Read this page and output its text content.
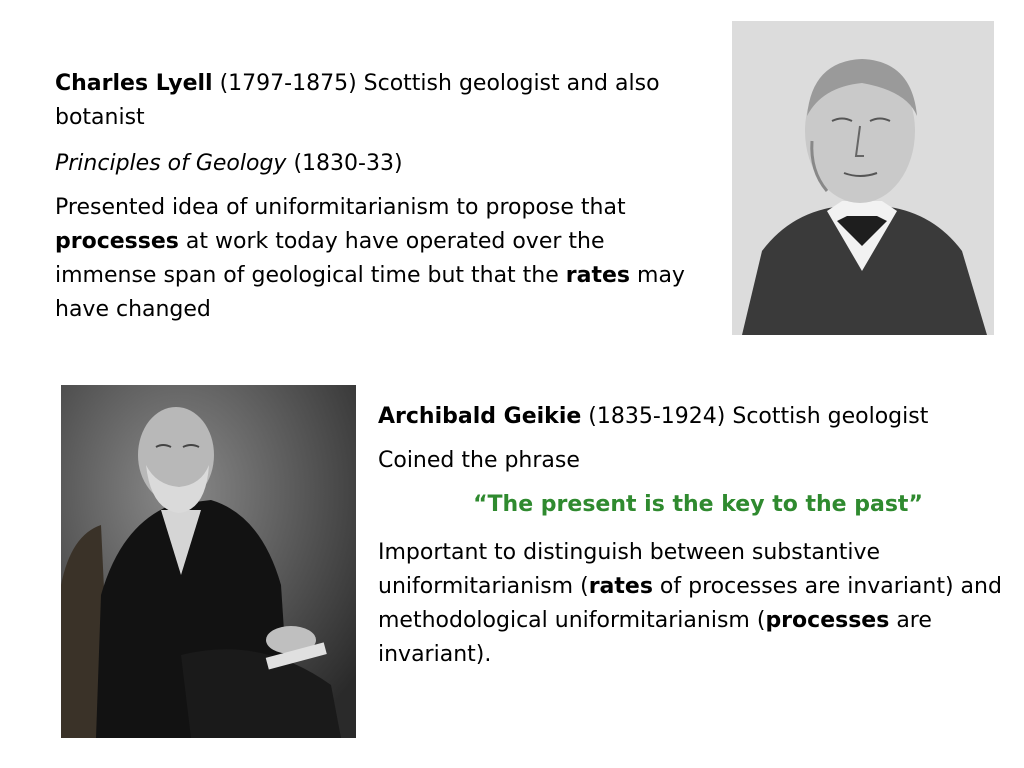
Charles Lyell (1797-1875) Scottish geologist and also botanist

Principles of Geology (1830-33)

Presented idea of uniformitarianism to propose that processes at work today have operated over the immense span of geological time but that the rates may have changed

Archibald Geikie (1835-1924) Scottish geologist

Coined the phrase

“The present is the key to the past”

Important to distinguish between substantive uniformitarianism (rates of processes are invariant) and methodological uniformitarianism (processes are invariant).
